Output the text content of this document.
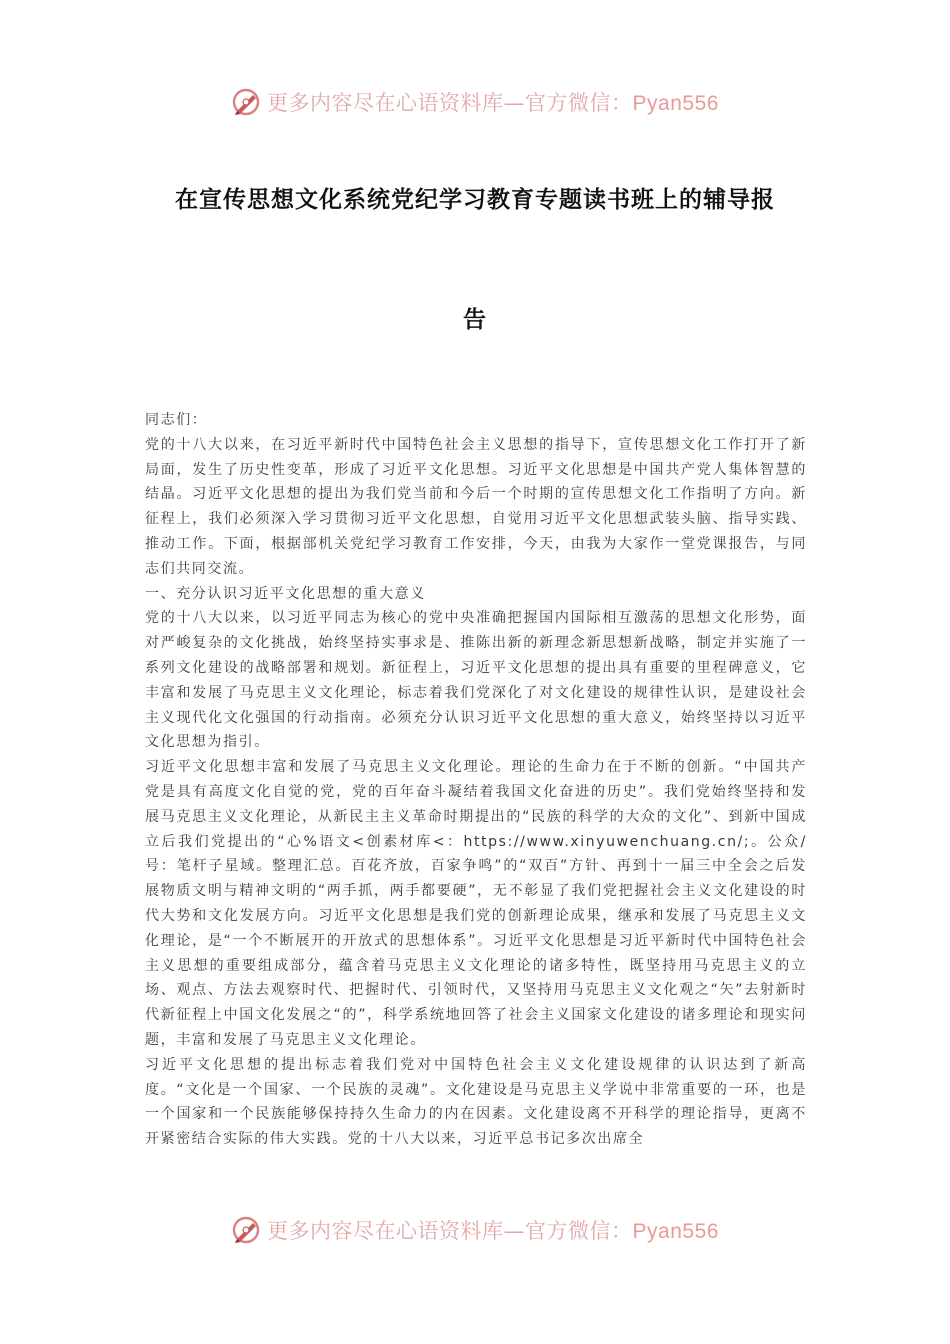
更多内容尽在心语资料库—官方微信：Pyan556
在宣传思想文化系统党纪学习教育专题读书班上的辅导报
告

同志们：

党的十八大以来，在习近平新时代中国特色社会主义思想的指导下，宣传思想文化工作打开了新局面，发生了历史性变革，形成了习近平文化思想。习近平文化思想是中国共产党人集体智慧的结晶。习近平文化思想的提出为我们党当前和今后一个时期的宣传思想文化工作指明了方向。新征程上，我们必须深入学习贯彻习近平文化思想，自觉用习近平文化思想武装头脑、指导实践、推动工作。下面，根据部机关党纪学习教育工作安排，今天，由我为大家作一堂党课报告，与同志们共同交流。

一、充分认识习近平文化思想的重大意义

党的十八大以来，以习近平同志为核心的党中央准确把握国内国际相互激荡的思想文化形势，面对严峻复杂的文化挑战，始终坚持实事求是、推陈出新的新理念新思想新战略，制定并实施了一系列文化建设的战略部署和规划。新征程上，习近平文化思想的提出具有重要的里程碑意义，它丰富和发展了马克思主义文化理论，标志着我们党深化了对文化建设的规律性认识，是建设社会主义现代化文化强国的行动指南。必须充分认识习近平文化思想的重大意义，始终坚持以习近平文化思想为指引。

习近平文化思想丰富和发展了马克思主义文化理论。理论的生命力在于不断的创新。“中国共产党是具有高度文化自觉的党，党的百年奋斗凝结着我国文化奋进的历史”。我们党始终坚持和发展马克思主义文化理论，从新民主主义革命时期提出的“民族的科学的大众的文化”、到新中国成立后我们党提出的“心%语文<创素材库<：https://www.xinyuwenchuang.cn/;。公众/号：笔杆子星域。整理汇总。百花齐放，百家争鸣”的“双百”方针、再到十一届三中全会之后发展物质文明与精神文明的“两手抓，两手都要硬”，无不彰显了我们党把握社会主义文化建设的时代大势和文化发展方向。习近平文化思想是我们党的创新理论成果，继承和发展了马克思主义文化理论，是“一个不断展开的开放式的思想体系”。习近平文化思想是习近平新时代中国特色社会主义思想的重要组成部分，蕴含着马克思主义文化理论的诸多特性，既坚持用马克思主义的立场、观点、方法去观察时代、把握时代、引领时代，又坚持用马克思主义文化观之“矢”去射新时代新征程上中国文化发展之“的”，科学系统地回答了社会主义国家文化建设的诸多理论和现实问题，丰富和发展了马克思主义文化理论。

习近平文化思想的提出标志着我们党对中国特色社会主义文化建设规律的认识达到了新高度。“文化是一个国家、一个民族的灵魂”。文化建设是马克思主义学说中非常重要的一环，也是一个国家和一个民族能够保持持久生命力的内在因素。文化建设离不开科学的理论指导，更离不开紧密结合实际的伟大实践。党的十八大以来，习近平总书记多次出席全

更多内容尽在心语资料库—官方微信：Pyan556
